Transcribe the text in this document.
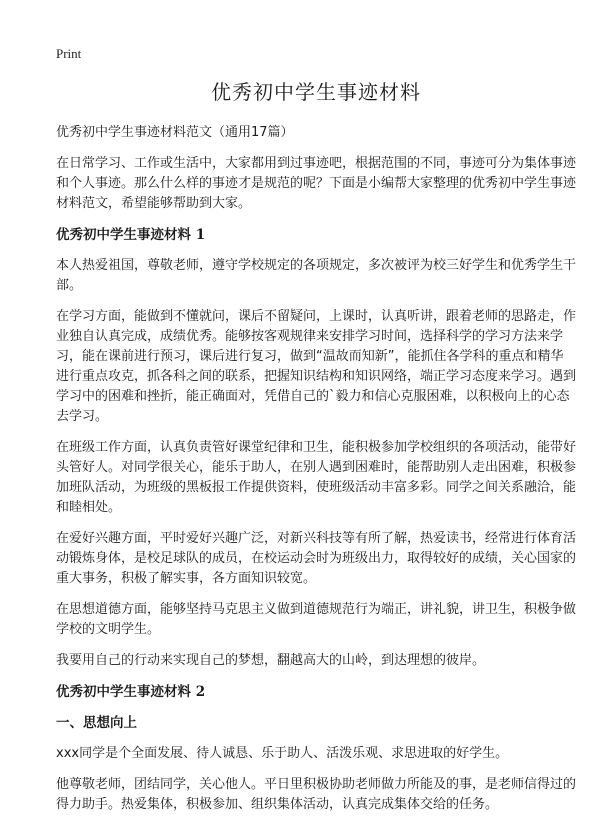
Print
优秀初中学生事迹材料
优秀初中学生事迹材料范文（通用17篇）

在日常学习、工作或生活中，大家都用到过事迹吧，根据范围的不同，事迹可分为集体事迹和个人事迹。那么什么样的事迹才是规范的呢？下面是小编帮大家整理的优秀初中学生事迹材料范文，希望能够帮助到大家。

优秀初中学生事迹材料 1

本人热爱祖国，尊敬老师，遵守学校规定的各项规定，多次被评为校三好学生和优秀学生干部。

在学习方面，能做到不懂就问，课后不留疑问，上课时，认真听讲，跟着老师的思路走，作业独自认真完成，成绩优秀。能够按客观规律来安排学习时间，选择科学的学习方法来学习，能在课前进行预习，课后进行复习，做到“温故而知新”，能抓住各学科的重点和精华进行重点攻克，抓各科之间的联系，把握知识结构和知识网络，端正学习态度来学习。遇到学习中的困难和挫折，能正确面对，凭借自己的`毅力和信心克服困难，以积极向上的心态去学习。

在班级工作方面，认真负责管好课堂纪律和卫生，能积极参加学校组织的各项活动，能带好头管好人。对同学很关心，能乐于助人，在别人遇到困难时，能帮助别人走出困难，积极参加班队活动，为班级的黑板报工作提供资料，使班级活动丰富多彩。同学之间关系融洽，能和睦相处。

在爱好兴趣方面，平时爱好兴趣广泛，对新兴科技等有所了解，热爱读书，经常进行体育活动锻炼身体，是校足球队的成员，在校运动会时为班级出力，取得较好的成绩，关心国家的重大事务，积极了解实事，各方面知识较宽。

在思想道德方面，能够坚持马克思主义做到道德规范行为端正，讲礼貌，讲卫生，积极争做学校的文明学生。

我要用自己的行动来实现自己的梦想，翻越高大的山岭，到达理想的彼岸。

优秀初中学生事迹材料 2
一、思想向上

xxx同学是个全面发展、待人诚恳、乐于助人、活泼乐观、求思进取的好学生。

他尊敬老师，团结同学，关心他人。平日里积极协助老师做力所能及的事，是老师信得过的得力助手。热爱集体，积极参加、组织集体活动，认真完成集体交给的任务。
